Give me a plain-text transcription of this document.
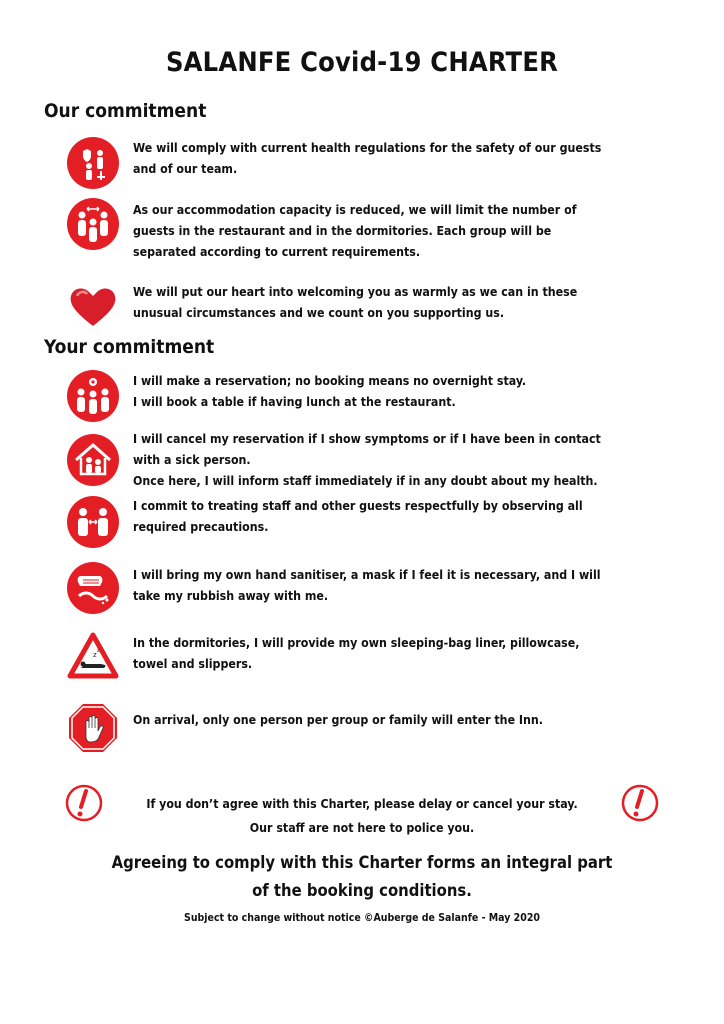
SALANFE Covid-19 CHARTER
Our commitment
We will comply with current health regulations for the safety of our guests and of our team.
As our accommodation capacity is reduced, we will limit the number of guests in the restaurant and in the dormitories. Each group will be separated according to current requirements.
We will put our heart into welcoming you as warmly as we can in these unusual circumstances and we count on you supporting us.
Your commitment
I will make a reservation; no booking means no overnight stay.
I will book a table if having lunch at the restaurant.
I will cancel my reservation if I show symptoms or if I have been in contact with a sick person.
Once here, I will inform staff immediately if in any doubt about my health.
I commit to treating staff and other guests respectfully by observing all required precautions.
I will bring my own hand sanitiser, a mask if I feel it is necessary, and I will take my rubbish away with me.
z z
In the dormitories, I will provide my own sleeping-bag liner, pillowcase, towel and slippers.
On arrival, only one person per group or family will enter the Inn.
If you don’t agree with this Charter, please delay or cancel your stay.
Our staff are not here to police you.
Agreeing to comply with this Charter forms an integral part
of the booking conditions.
Subject to change without notice ©Auberge de Salanfe - May 2020
